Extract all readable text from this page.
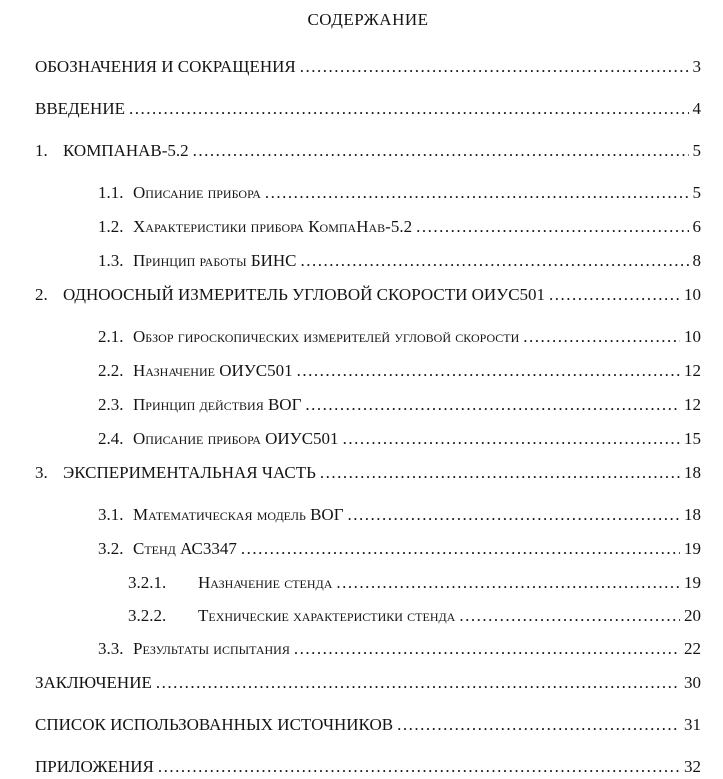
СОДЕРЖАНИЕ
ОБОЗНАЧЕНИЯ И СОКРАЩЕНИЯ .....	3
ВВЕДЕНИЕ .....	4
1. КОМПАНАВ-5.2 .....	5
1.1. Описание прибора .....	5
1.2. Характеристики прибора КомпаНав-5.2 .....	6
1.3. Принцип работы БИНС .....	8
2. ОДНООСНЫЙ ИЗМЕРИТЕЛЬ УГЛОВОЙ СКОРОСТИ ОИУС501 .....	10
2.1. Обзор гироскопических измерителей угловой скорости .....	10
2.2. Назначение ОИУС501 .....	12
2.3. Принцип действия ВОГ .....	12
2.4. Описание прибора ОИУС501 .....	15
3. ЭКСПЕРИМЕНТАЛЬНАЯ ЧАСТЬ .....	18
3.1. Математическая модель ВОГ .....	18
3.2. Стенд АС3347 .....	19
3.2.1.	Назначение стенда .....	19
3.2.2.	Технические характеристики стенда .....	20
3.3. Результаты испытания .....	22
ЗАКЛЮЧЕНИЕ .....	30
СПИСОК ИСПОЛЬЗОВАННЫХ ИСТОЧНИКОВ .....	31
ПРИЛОЖЕНИЯ .....	32
